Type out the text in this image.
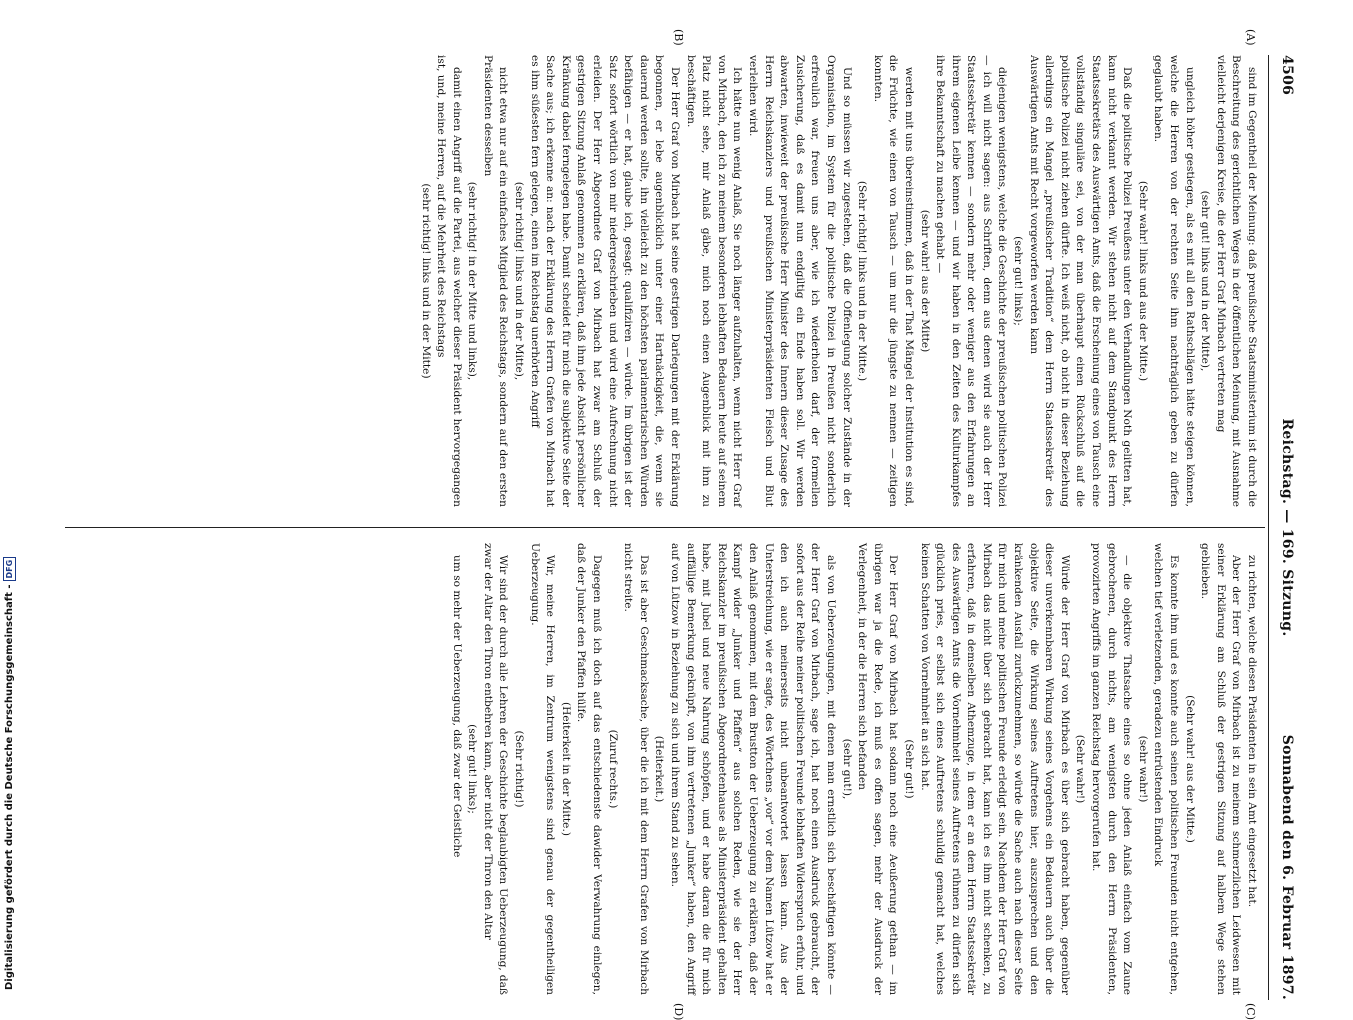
4506
Reichstag. — 169. Sitzung.
Sonnabend den 6. Februar 1897.
(A)
(B)
(C)
(D)

sind im Gegentheil der Meinung: daß preußische Staatsministerium ist durch die Beschreitung des gerichtlichen Weges in der öffentlichen Meinung, mit Ausnahme vielleicht derjenigen Kreise, die der Herr Graf Mirbach vertreten mag

(sehr gut! links und in der Mitte),

ungleich höher gestiegen, als es mit all den Rathschlägen hätte steigen können, welche die Herren von der rechten Seite ihm nachträglich geben zu dürfen geglaubt haben.

(Sehr wahr! links und aus der Mitte.)

Daß die politische Polizei Preußens unter den Verhandlungen Noth gelitten hat, kann nicht verkannt werden. Wir stehen nicht auf dem Standpunkt des Herrn Staatssekretärs des Auswärtigen Amts, daß die Erscheinung eines von Tausch eine vollständig singuläre sei, von der man überhaupt einen Rückschluß auf die politische Polizei nicht ziehen dürfte. Ich weiß nicht, ob nicht in dieser Beziehung allerdings ein Mangel „preußischer Tradition“ dem Herrn Staatssekretär des Auswärtigen Amts mit Recht vorgeworfen werden kann

(sehr gut! links);

diejenigen wenigstens, welche die Geschichte der preußischen politischen Polizei — ich will nicht sagen: aus Schriften, denn aus denen wird sie auch der Herr Staatssekretär kennen — sondern mehr oder weniger aus den Erfahrungen an ihrem eigenen Leibe kennen — und wir haben in den Zeiten des Kulturkampfes ihre Bekanntschaft zu machen gehabt —

(sehr wahr! aus der Mitte)

werden mit uns übereinstimmen, daß in der That Mängel der Institution es sind, die Früchte, wie einen von Tausch — um nur die jüngste zu nennen — zeitigen konnten.

(Sehr richtig! links und in der Mitte.)

Und so müssen wir zugestehen, daß die Offenlegung solcher Zustände in der Organisation, im System für die politische Polizei in Preußen nicht sonderlich erfreulich war, freuen uns aber, wie ich wiederholen darf, der formellen Zusicherung, daß es damit nun endgiltig ein Ende haben soll. Wir werden abwarten, inwieweit der preußische Herr Minister des Innern dieser Zusage des Herrn Reichskanzlers und preußischen Ministerpräsidenten Fleisch und Blut verleihen wird.

Ich hätte nun wenig Anlaß, Sie noch länger aufzuhalten, wenn nicht Herr Graf von Mirbach, den ich zu meinem besonderen lebhaften Bedauern heute auf seinem Platz nicht sehe, mir Anlaß gäbe, mich noch einen Augenblick mit ihm zu beschäftigen.

Der Herr Graf von Mirbach hat seine gestrigen Darlegungen mit der Erklärung begonnen, er lebe augenblicklich unter einer Hartnäckigkeit, die, wenn sie dauernd werden sollte, ihn vielleicht zu den höchsten parlamentarischen Würden befähigen — er hat, glaube ich, gesagt: qualifiziren — würde. Im übrigen ist der Satz sofort wörtlich von mir niedergeschrieben und wird eine Aufrechnung nicht erleiden. Der Herr Abgeordnete Graf von Mirbach hat zwar am Schluß der gestrigen Sitzung Anlaß genommen zu erklären, daß ihm jede Absicht persönlicher Kränkung dabei ferngelegen habe. Damit scheidet für mich die subjektive Seite der Sache aus; ich erkenne an: nach der Erklärung des Herrn Grafen von Mirbach hat es ihm süßesten fern gelegen, einen im Reichstag unerhörten Angriff

(sehr richtig! links und in der Mitte),

nicht etwa nur auf ein einfaches Mitglied des Reichstags, sondern auf den ersten Präsidenten desselben

(sehr richtig! in der Mitte und links),

damit einen Angriff auf die Partei, aus welcher dieser Präsident hervorgegangen ist, und, meine Herren, auf die Mehrheit des Reichstags

(sehr richtig! links und in der Mitte)

zu richten, welche diesen Präsidenten in sein Amt eingesetzt hat.

Aber der Herr Graf von Mirbach ist zu meinem schmerzlichen Leidwesen mit seiner Erklärung am Schluß der gestrigen Sitzung auf halbem Wege stehen geblieben.

(Sehr wahr! aus der Mitte.)

Es konnte ihm und es konnte auch seinen politischen Freunden nicht entgehen, welchen tief verletzenden, geradezu entrüstenden Eindruck

(sehr wahr!)

— die objektive Thatsache eines so ohne jeden Anlaß einfach vom Zaune gebrochenen, durch nichts, am wenigsten durch den Herrn Präsidenten, provozirten Angriffs im ganzen Reichstag hervorgerufen hat.

(Sehr wahr!)

Würde der Herr Graf von Mirbach es über sich gebracht haben, gegenüber dieser unverkennbaren Wirkung seines Vorgehens ein Bedauern auch über die objektive Seite, die Wirkung seines Auftretens hier, auszusprechen und den kränkenden Ausfall zurückzunehmen, so würde die Sache auch nach dieser Seite für mich und meine politischen Freunde erledigt sein. Nachdem der Herr Graf von Mirbach das nicht über sich gebracht hat, kann ich es ihm nicht schenken, zu erfahren, daß in demselben Athemzuge, in dem er an dem Herrn Staatssekretär des Auswärtigen Amts die Vornehmheit seines Auftretens rühmen zu dürfen sich glücklich pries, er selbst sich eines Auftretens schuldig gemacht hat, welches keinen Schatten von Vornehmheit an sich hat.

(Sehr gut!)

Der Herr Graf von Mirbach hat sodann noch eine Aeußerung gethan — im übrigen war ja die Rede, ich muß es offen sagen, mehr der Ausdruck der Verlegenheit, in der die Herren sich befanden

(sehr gut!),

als von Ueberzeugungen, mit denen man ernstlich sich beschäftigen könnte — der Herr Graf von Mirbach, sage ich, hat noch einen Ausdruck gebraucht, der sofort aus der Reihe meiner politischen Freunde lebhaften Widerspruch erfuhr, und den ich auch meinerseits nicht unbeantwortet lassen kann. Aus der Unterstreichung, wie er sagte, des Wörtchens „vor“ vor dem Namen Lützow hat er den Anlaß genommen, mit dem Brustton der Ueberzeugung zu erklären, daß der Kampf wider „Junker und Pfaffen“ aus solchen Reden, wie sie der Herr Reichskanzler im preußischen Abgeordnetenhause als Ministerpräsident gehalten habe, mit Jubel und neue Nahrung schöpfen, und er habe daran die für mich auffällige Bemerkung geknüpft, von ihm vertretenen „Junker“ haben, den Angriff auf von Lützow in Beziehung zu sich und ihrem Stand zu sehen.

(Heiterkeit.)

Das ist aber Geschmacksache, über die ich mit dem Herrn Grafen von Mirbach nicht streite.

(Zuruf rechts.)

Dagegen muß ich doch auf das entschiedenste dawider Verwahrung einlegen, daß der Junker den Pfaffen hülfe.

(Heiterkeit in der Mitte.)

Wir, meine Herren, im Zentrum wenigstens sind genau der gegentheiligen Ueberzeugung.

(Sehr richtig!)

Wir sind der durch alle Lehren der Geschichte beglaubigten Ueberzeugung, daß zwar der Altar den Thron entbehren kann, aber nicht der Thron den Altar

(sehr gut! links);

um so mehr der Ueberzeugung, daß zwar der Geistliche

Digitalisierung gefördert durch die Deutsche Forschungsgemeinschaft -DFG
